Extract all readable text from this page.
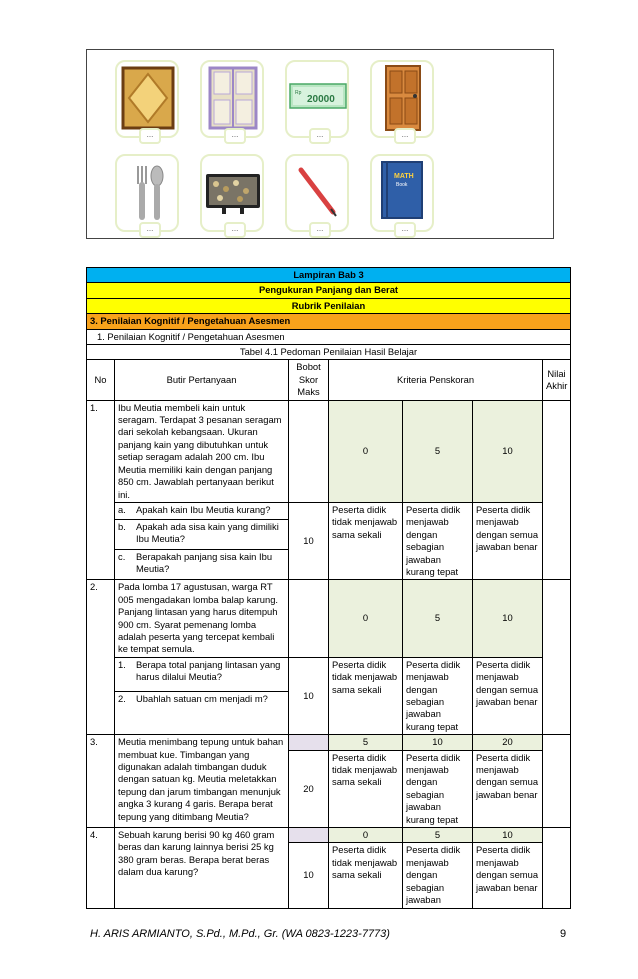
...	...
Rp
20000
...	...
...	...	...
MATH
Book
...
Lampiran Bab 3						
Pengukuran Panjang dan Berat						
Rubrik Penilaian						
3. Penilaian Kognitif / Pengetahuan Asesmen						
1. Penilaian Kognitif / Pengetahuan Asesmen						
Tabel 4.1 Pedoman Penilaian Hasil Belajar						
No	Butir Pertanyaan	Bobot Skor Maks	Kriteria Penskoran			Nilai Akhir
1.	Ibu Meutia membeli kain untuk seragam. Terdapat 3 pesanan seragam dari sekolah kebangsaan. Ukuran panjang kain yang dibutuhkan untuk setiap seragam adalah 200 cm. Ibu Meutia memiliki kain dengan panjang 850 cm. Jawablah pertanyaan berikut ini.		0	5	10	

	a. Apakah kain Ibu Meutia kurang?	10	Peserta didik tidak menjawab sama sekali	Peserta didik menjawab dengan sebagian jawaban kurang tepat	Peserta didik menjawab dengan semua jawaban benar	

	b. Apakah ada sisa kain yang dimiliki Ibu Meutia?					

	c. Berapakah panjang sisa kain Ibu Meutia?					

2.	Pada lomba 17 agustusan, warga RT 005 mengadakan lomba balap karung. Panjang lintasan yang harus ditempuh 900 cm. Syarat pemenang lomba adalah peserta yang tercepat kembali ke tempat semula.		0	5	10	

	1. Berapa total panjang lintasan yang harus dilalui Meutia?	10	Peserta didik tidak menjawab sama sekali	Peserta didik menjawab dengan sebagian jawaban kurang tepat	Peserta didik menjawab dengan semua jawaban benar	

	2. Ubahlah satuan cm menjadi m?					

3.	Meutia menimbang tepung untuk bahan membuat kue. Timbangan yang digunakan adalah timbangan duduk dengan satuan kg. Meutia meletakkan tepung dan jarum timbangan menunjuk angka 3 kurang 4 garis. Berapa berat tepung yang ditimbang Meutia?		5	10	20	
		20	Peserta didik tidak menjawab sama sekali	Peserta didik menjawab dengan sebagian jawaban kurang tepat	Peserta didik menjawab dengan semua jawaban benar	
4.	Sebuah karung berisi 90 kg 460 gram beras dan karung lainnya berisi 25 kg 380 gram beras. Berapa berat beras dalam dua karung?		0	5	10	
		10	Peserta didik tidak menjawab sama sekali	Peserta didik menjawab dengan sebagian jawaban	Peserta didik menjawab dengan semua jawaban benar	
H. ARIS ARMIANTO, S.Pd., M.Pd., Gr. (WA 0823-1223-7773)	9
